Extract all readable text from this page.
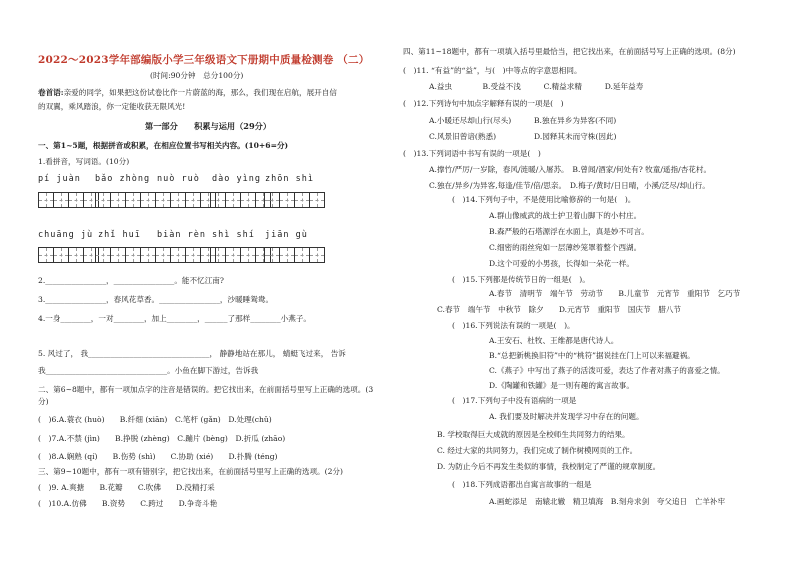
2022～2023学年部编版小学三年级语文下册期中质量检测卷 （二）
(时间:90分钟　总分100分)
卷首语:亲爱的同学，如果把这份试卷比作一片蔚蓝的海，那么，我们现在启航，展开自信
的双翼，乘风踏浪，你一定能收获无限风光!
第一部分　　积累与运用（29分）
一、第1~5题，根据拼音或积累，在相应位置书写相关内容。(10+6=分)
1.看拼音，写词语。(10分)
pí juàn bǎo zhòng nuò ruò dào yìng zhōn shì
chuāng jù zhǐ huī biàn rèn shì shí jiān gù
2.________________，________________。能不忆江南?
3.________________，春风花草香。________________，沙暖睡鸳鸯。
4.一身________，一对________，加上________，______了那样________小燕子。
5. 风过了， 我________________________________， 静静地站在那儿， 蜻蜓飞过来， 告诉
我________________________________。小鱼在脚下游过，告诉我
二、第6~8题中，都有一项加点字的注音是错误的。把它找出来，在前面括号里写上正确的选项。(3
分)
(　)6.A.蓑衣 (huò)　　B.纤细 (xiān)　C.笔杆 (gǎn)　D.处理(chǔ)
(　)7.A.不禁 (jìn)　　B.挣脱 (zhèng)　C.蹦片 (bèng)　D.折瓜 (zhāo)
(　)8.A.娴熟 (qí)　　B.伤势 (shì)　　C.协助 (xié)　　D.扑腾 (téng)
三、第9~10题中，都有一项有错别字，把它找出来，在前面括号里写上正确的选项。(2分)
(　)9. A.爽搪　　B.花瓣　　C.吹佛　　D.没精打采
(　)10.A.仿佛　　B.资势　　C.跨过　　D.争奇斗艳
四、第11~18题中，都有一项填入括号里最恰当，把它找出来，在前面括号写上正确的选项。(8分)
(　)11. “有益”的“益”，与(　)中等点的字意思相同。
A.益虫　　　　B.受益不浅　　　C.精益求精　　　D.延年益寿
(　)12.下列诗句中加点字解释有误的一项是(　)
A.小暖还尽却山行(尽头)　　　B.独在异乡为异客(不同)
C.风景旧曾谙(熟悉)　　　　　D.园释其未而守株(因此)
(　)13.下列词语中书写有误的一项是(　)
A.撑竹/严厉/一岁除，春风/涟暖/入屠苏。　B.曾闻/酒家/何处有? 牧童/遥指/杏花村。
C.独在/异乡/为异客,每逢/佳节/倍/思亲。　D.梅子/黄时/日日晴，小溪/泛尽/却山行。
(　)14.下列句子中，不是使用比喻修辞的一句是(　)。
A.群山像威武的战士护卫着山脚下的小村庄。
B.森严般的石塔源浮在水面上，真是妙不可言。
C.细密的雨丝宛如一层薄纱笼罩着整个西湖。
D.这个可爱的小男孩，长得如一朵花一样。
(　)15.下列都是传统节日的一组是(　)。
A.春节　清明节　端午节　劳动节　　B.儿童节　元宵节　重阳节　乞巧节
C.春节　端午节　中秋节　除夕　　D.元宵节　重阳节　国庆节　腊八节
(　)16.下列说法有误的一项是(　)。
A.王安石、杜牧、王维都是唐代诗人。
B.“总把新桃换旧符”中的“桃符”据说挂在门上可以来福避祸。
C.《燕子》中写出了燕子的活泼可爱，表达了作者对燕子的喜爱之情。
D.《陶罐和铁罐》是一则有趣的寓言故事。
(　)17.下列句子中没有语病的一项是
A. 我们要及时解决并发现学习中存在的问题。
B. 学校取得巨大成就的原因是全校师生共同努力的结果。
C. 经过大家的共同努力，我们完成了制作树模网页的工作。
D. 为防止今后不再发生类似的事情，我校制定了严谨的规章制度。
(　)18.下列成语都出自寓言故事的一组是
A.画蛇添足　南辕北辙　精卫填海　B.刻舟求剑　夸父追日　亡羊补牢
